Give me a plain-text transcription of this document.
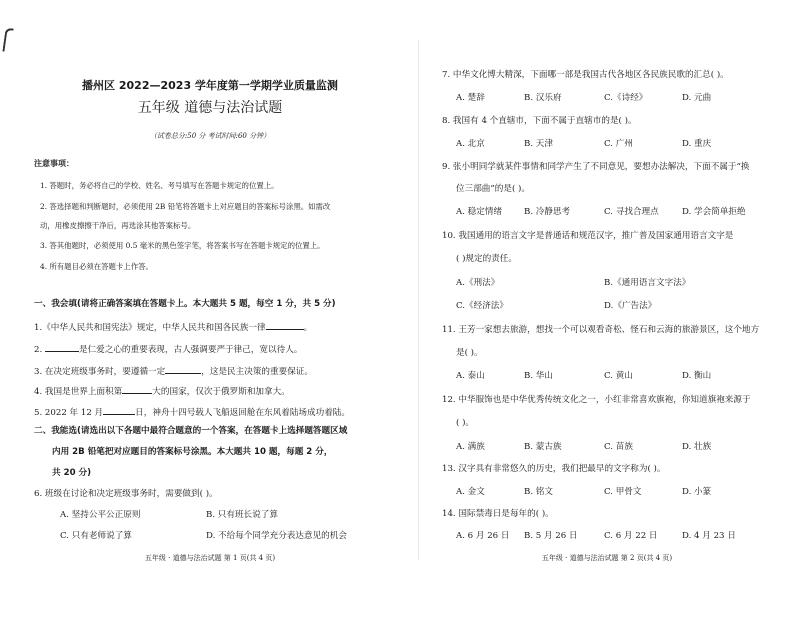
播州区 2022—2023 学年度第一学期学业质量监测
五年级 道德与法治试题
（试卷总分:50 分 考试时间:60 分钟）
注意事项：
1. 答题时，务必将自己的学校、姓名、考号填写在答题卡规定的位置上。
2. 答选择题和判断题时，必须使用 2B 铅笔将答题卡上对应题目的答案标号涂黑。如需改
动，用橡皮擦擦干净后，再选涂其他答案标号。
3. 答其他题时，必须使用 0.5 毫米的黑色签字笔，将答案书写在答题卡规定的位置上。
4. 所有题目必须在答题卡上作答。
一、我会填(请将正确答案填在答题卡上。本大题共 5 题，每空 1 分，共 5 分)
1.《中华人民共和国宪法》规定，中华人民共和国各民族一律	。
2.	是仁爱之心的重要表现，古人强调要严于律己，宽以待人。
3. 在决定班级事务时，要遵循一定	，这是民主决策的重要保证。
4. 我国是世界上面积第	大的国家，仅次于俄罗斯和加拿大。
5. 2022 年 12 月	日，神舟十四号载人飞船返回舱在东风着陆场成功着陆。
二、我能选(请选出以下各题中最符合题意的一个答案，在答题卡上选择题答题区域
内用 2B 铅笔把对应题目的答案标号涂黑。本大题共 10 题，每题 2 分，
共 20 分)
6. 班级在讨论和决定班级事务时，需要做到( )。
A. 坚持公平公正原则	B. 只有班长说了算
C. 只有老师说了算	D. 不给每个同学充分表达意见的机会
五年级 · 道德与法治试题 第 1 页(共 4 页)
7. 中华文化博大精深，下面哪一部是我国古代各地区各民族民歌的汇总( )。
A. 楚辞	B. 汉乐府	C.《诗经》	D. 元曲
8. 我国有 4 个直辖市，下面不属于直辖市的是( )。
A. 北京	B. 天津	C. 广州	D. 重庆
9. 张小明同学就某件事情和同学产生了不同意见，要想办法解决，下面不属于“换
位三部曲”的是( )。
A. 稳定情绪	B. 冷静思考	C. 寻找合理点	D. 学会简单拒绝
10. 我国通用的语言文字是普通话和规范汉字，推广普及国家通用语言文字是
( )规定的责任。
A.《刑法》	B.《通用语言文字法》
C.《经济法》	D.《广告法》
11. 王芳一家想去旅游，想找一个可以观看奇松、怪石和云海的旅游景区，这个地方
是( )。
A. 泰山	B. 华山	C. 黄山	D. 衡山
12. 中华服饰也是中华优秀传统文化之一，小红非常喜欢旗袍，你知道旗袍来源于
( )。
A. 满族	B. 蒙古族	C. 苗族	D. 壮族
13. 汉字具有非常悠久的历史，我们把最早的文字称为( )。
A. 金文	B. 铭文	C. 甲骨文	D. 小篆
14. 国际禁毒日是每年的( )。
A. 6 月 26 日 B. 5 月 26 日	C. 6 月 22 日	D. 4 月 23 日
五年级 · 道德与法治试题 第 2 页(共 4 页)
